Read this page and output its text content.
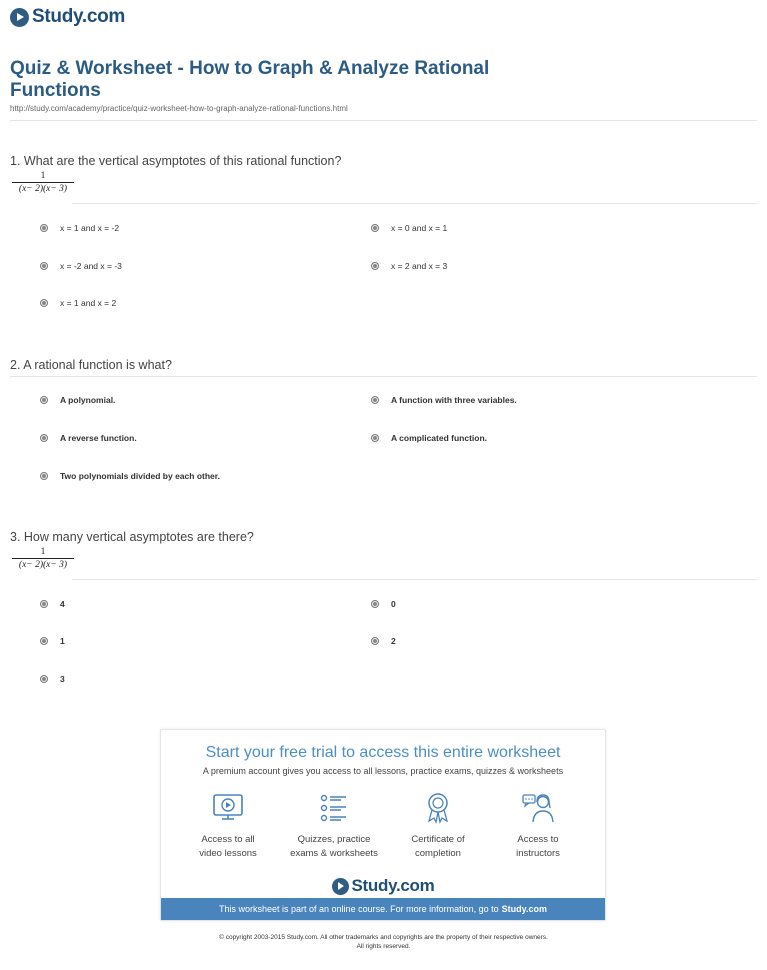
Study.com
Quiz & Worksheet - How to Graph & Analyze Rational
Functions
http://study.com/academy/practice/quiz-worksheet-how-to-graph-analyze-rational-functions.html
1. What are the vertical asymptotes of this rational function?
$\frac{1}{(x- 2)(x- 3)}$
x = 1 and x = -2	x = 0 and x = 1
x = -2 and x = -3	x = 2 and x = 3
x = 1 and x = 2
2. A rational function is what?
A polynomial.	A function with three variables.
A reverse function.	A complicated function.
Two polynomials divided by each other.
3. How many vertical asymptotes are there?
$\frac{1}{(x- 2)(x- 3)}$
4	0
1	2
3
Start your free trial to access this entire worksheet
A premium account gives you access to all lessons, practice exams, quizzes & worksheets
Access to all
video lessons
Quizzes, practice
exams & worksheets
Certificate of
completion
Access to
instructors
Study.com
This worksheet is part of an online course. For more information, go to Study.com
© copyright 2003-2015 Study.com. All other trademarks and copyrights are the property of their respective owners.
All rights reserved.
